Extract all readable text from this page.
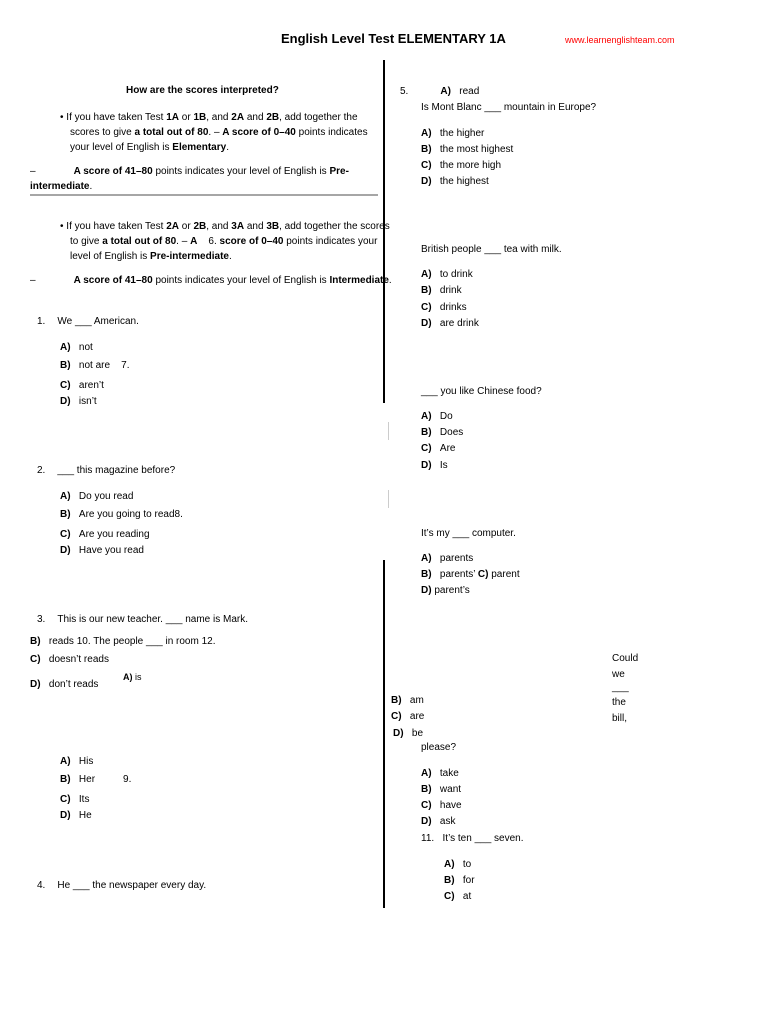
English Level Test ELEMENTARY 1A	www.learnenglishteam.com
How are the scores interpreted?
• If you have taken Test 1A or 1B, and 2A and 2B, add together the
scores to give a total out of 80. – A score of 0–40 points indicates
your level of English is Elementary.
–	A score of 41–80 points indicates your level of English is Pre-
intermediate.
• If you have taken Test 2A or 2B, and 3A and 3B, add together the scores
to give a total out of 80. – A    6. score of 0–40 points indicates your
level of English is Pre-intermediate.
–	A score of 41–80 points indicates your level of English is Intermediate.
1. We ___ American.
A) not
B) not are 7.
C) aren’t
D) isn’t
2. ___ this magazine before?
A) Do you read
B) Are you going to read8.
C) Are you reading
D) Have you read
3. This is our new teacher. ___ name is Mark.
B) reads 10. The people ___ in room 12.
C) doesn’t reads
A) is
D) don’t reads
A) His
B) Her	9.
C) Its
D) He
4. He ___ the newspaper every day.
5.	A) read
Is Mont Blanc ___ mountain in Europe?
A) the higher
B) the most highest
C) the more high
D) the highest
British people ___ tea with milk.
A) to drink
B) drink
C) drinks
D) are drink
___ you like Chinese food?
A) Do
B) Does
C) Are
D) Is
It’s my ___ computer.
A) parents
B) parents’ C) parent
D) parent’s
Could
we
___
the
bill,
B) am
C) are
D) be
please?
A) take
B) want
C) have
D) ask
11. It’s ten ___ seven.
A) to
B) for
C) at
